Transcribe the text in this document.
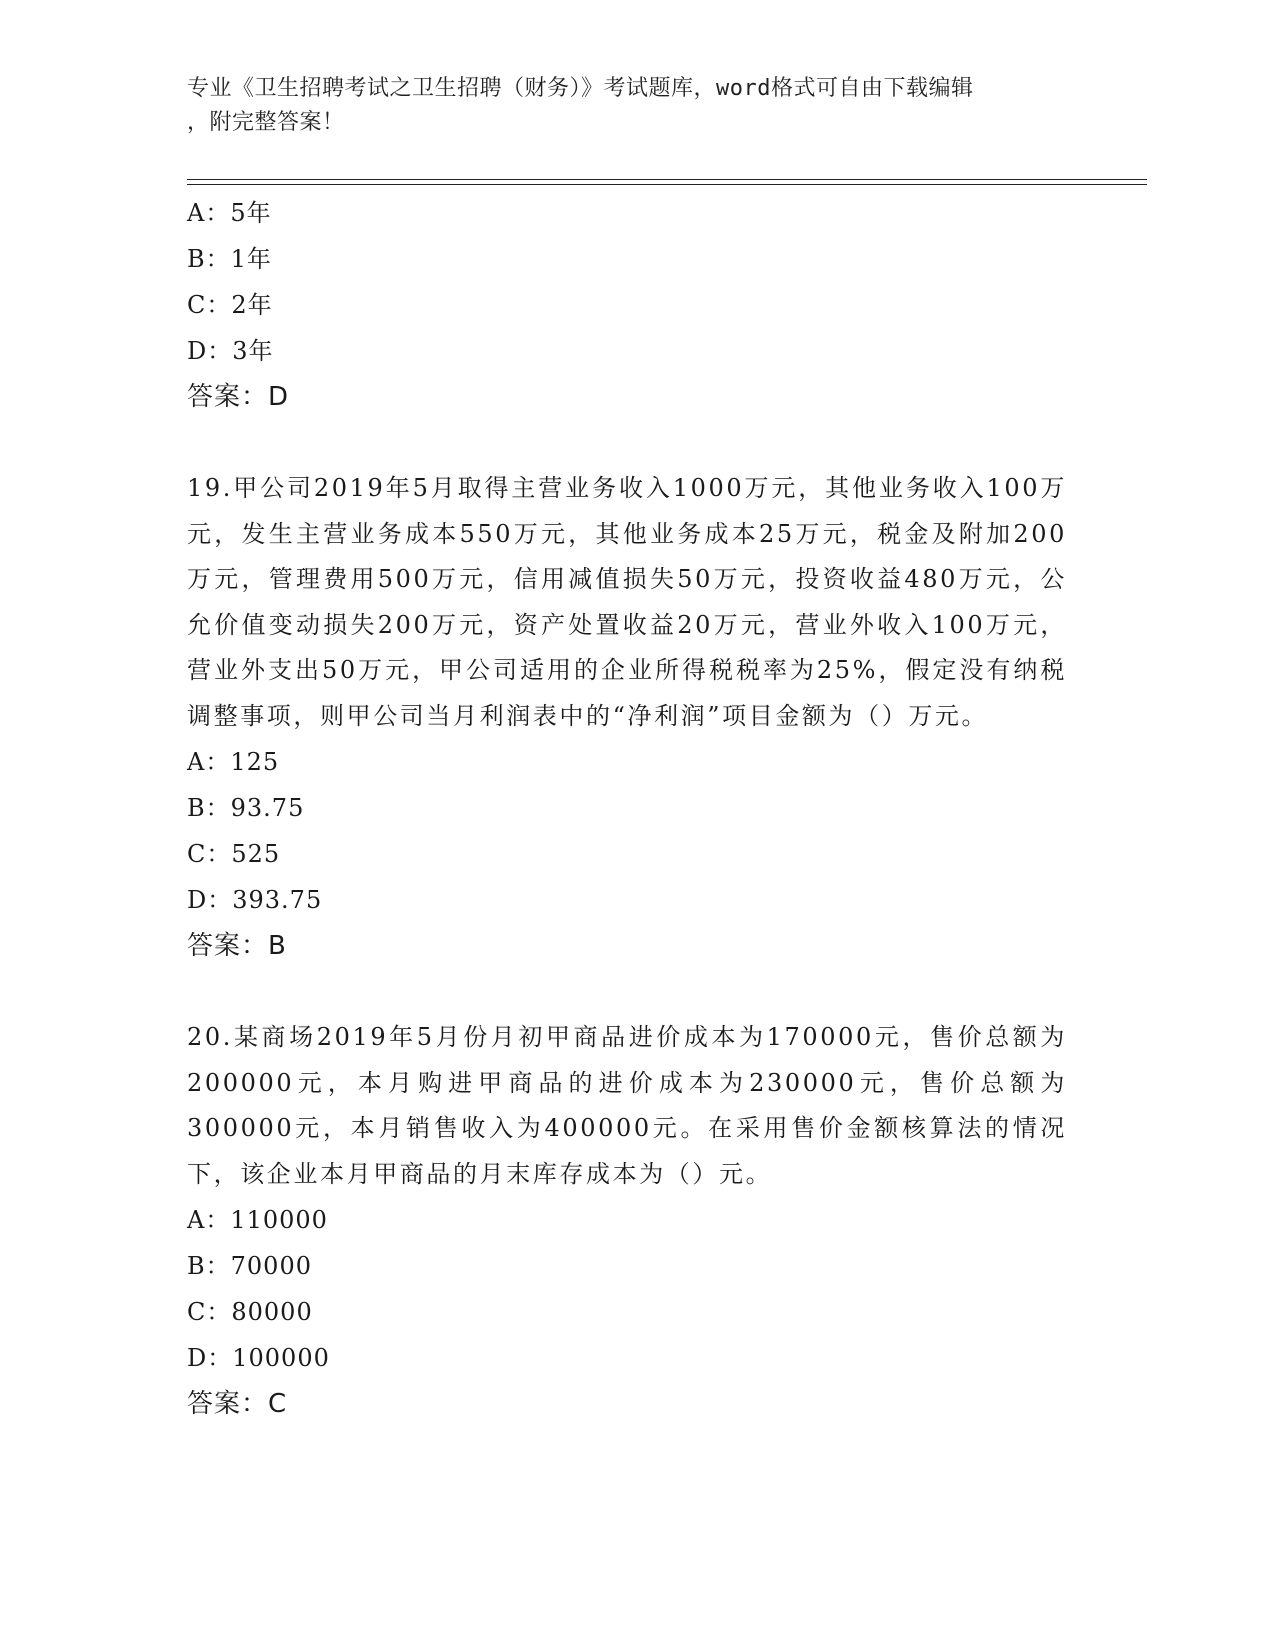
专业《卫生招聘考试之卫生招聘（财务）》考试题库，word格式可自由下载编辑
，附完整答案！
A：5年
B：1年
C：2年
D：3年
答案：D

19.甲公司2019年5月取得主营业务收入1000万元，其他业务收入100万元，发生主营业务成本550万元，其他业务成本25万元，税金及附加200万元，管理费用500万元，信用减值损失50万元，投资收益480万元，公允价值变动损失200万元，资产处置收益20万元，营业外收入100万元，营业外支出50万元，甲公司适用的企业所得税税率为25%，假定没有纳税调整事项，则甲公司当月利润表中的“净利润”项目金额为（）万元。

A：125
B：93.75
C：525
D：393.75
答案：B

20.某商场2019年5月份月初甲商品进价成本为170000元，售价总额为200000元，本月购进甲商品的进价成本为230000元，售价总额为300000元，本月销售收入为400000元。在采用售价金额核算法的情况下，该企业本月甲商品的月末库存成本为（）元。

A：110000
B：70000
C：80000
D：100000
答案：C
